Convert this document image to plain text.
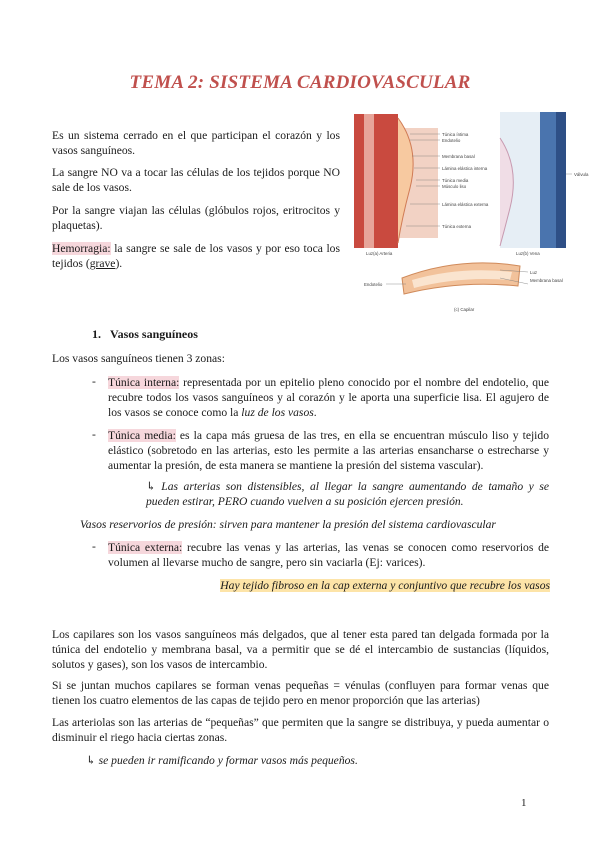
TEMA 2: SISTEMA CARDIOVASCULAR

Es un sistema cerrado en el que participan el corazón y los vasos sanguíneos.

La sangre NO va a tocar las células de los tejidos porque NO sale de los vasos.

Por la sangre viajan las células (glóbulos rojos, eritrocitos y plaquetas).

Hemorragia: la sangre se sale de los vasos y por eso toca los tejidos (grave).

Túnica íntima
Endotelio
Membrana basal
Lámina elástica interna
Túnica media
Músculo liso
Lámina elástica externa
Túnica externa
Válvula
Luz(a) Arteria	Luz(b) Vena
Luz
Membrana basal
Endotelio
(c) Capilar
1. Vasos sanguíneos

Los vasos sanguíneos tienen 3 zonas:

- Túnica interna: representada por un epitelio pleno conocido por el nombre del endotelio, que recubre todos los vasos sanguíneos y al corazón y le aporta una superficie lisa. El agujero de los vasos se conoce como la luz de los vasos.

- Túnica media: es la capa más gruesa de las tres, en ella se encuentran músculo liso y tejido elástico (sobretodo en las arterias, esto les permite a las arterias ensancharse o estrecharse y aumentar la presión, de esta manera se mantiene la presión del sistema vascular).

↳ Las arterias son distensibles, al llegar la sangre aumentando de tamaño y se pueden estirar, PERO cuando vuelven a su posición ejercen presión.

Vasos reservorios de presión: sirven para mantener la presión del sistema cardiovascular

- Túnica externa: recubre las venas y las arterias, las venas se conocen como reservorios de volumen al llevarse mucho de sangre, pero sin vaciarla (Ej: varices).

Hay tejido fibroso en la cap externa y conjuntivo que recubre los vasos

Los capilares son los vasos sanguíneos más delgados, que al tener esta pared tan delgada formada por la túnica del endotelio y membrana basal, va a permitir que se dé el intercambio de sustancias (líquidos, solutos y gases), son los vasos de intercambio.

Si se juntan muchos capilares se forman venas pequeñas = vénulas (confluyen para formar venas que tienen los cuatro elementos de las capas de tejido pero en menor proporción que las arterias)

Las arteriolas son las arterias de “pequeñas” que permiten que la sangre se distribuya, y pueda aumentar o disminuir el riego hacia ciertas zonas.

↳ se pueden ir ramificando y formar vasos más pequeños.

1
